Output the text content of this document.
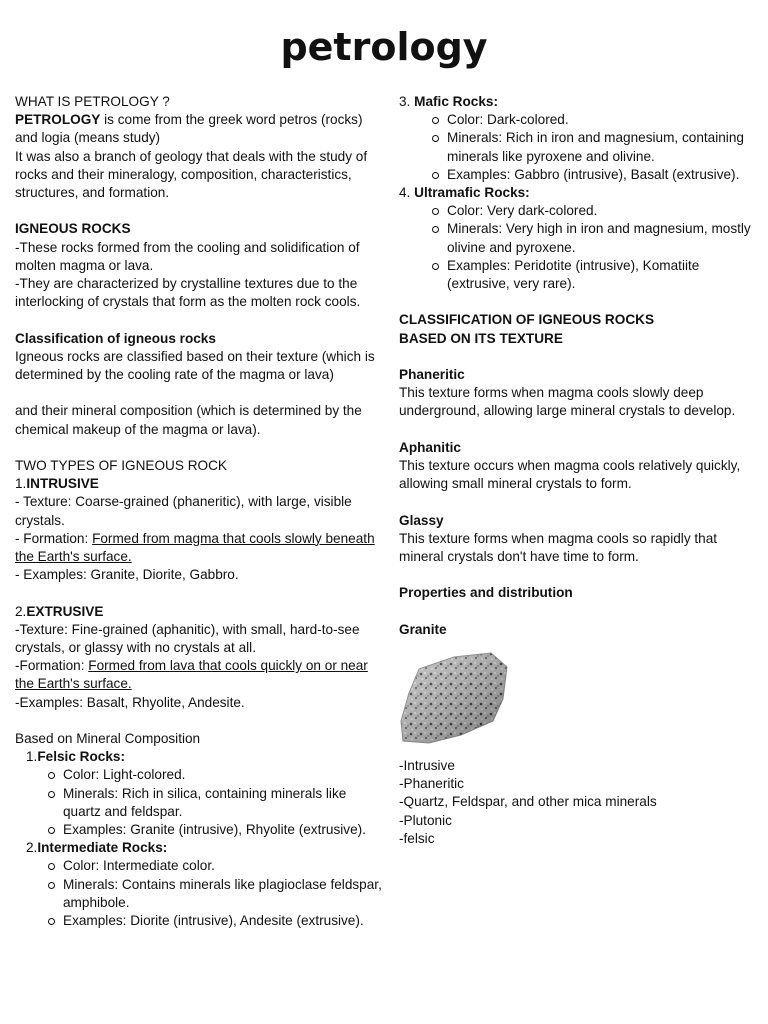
petrology

WHAT IS PETROLOGY ?

PETROLOGY is come from the greek word petros (rocks) and logia (means study)

It was also a branch of geology that deals with the study of rocks and their mineralogy, composition, characteristics, structures, and formation.

IGNEOUS ROCKS

-These rocks formed from the cooling and solidification of molten magma or lava.

-They are characterized by crystalline textures due to the interlocking of crystals that form as the molten rock cools.

Classification of igneous rocks

Igneous rocks are classified based on their texture (which is determined by the cooling rate of the magma or lava)

and their mineral composition (which is determined by the chemical makeup of the magma or lava).

TWO TYPES OF IGNEOUS ROCK

1.INTRUSIVE

- Texture: Coarse-grained (phaneritic), with large, visible crystals.

- Formation: Formed from magma that cools slowly beneath the Earth's surface.

- Examples: Granite, Diorite, Gabbro.

2.EXTRUSIVE

-Texture: Fine-grained (aphanitic), with small, hard-to-see crystals, or glassy with no crystals at all.

-Formation: Formed from lava that cools quickly on or near the Earth's surface.

-Examples: Basalt, Rhyolite, Andesite.

Based on Mineral Composition

1.Felsic Rocks:
Color: Light-colored.
Minerals: Rich in silica, containing minerals like quartz and feldspar.
Examples: Granite (intrusive), Rhyolite (extrusive).
2.Intermediate Rocks:
Color: Intermediate color.
Minerals: Contains minerals like plagioclase feldspar, amphibole.
Examples: Diorite (intrusive), Andesite (extrusive).
3. Mafic Rocks:
Color: Dark-colored.
Minerals: Rich in iron and magnesium, containing minerals like pyroxene and olivine.
Examples: Gabbro (intrusive), Basalt (extrusive).
4. Ultramafic Rocks:
Color: Very dark-colored.
Minerals: Very high in iron and magnesium, mostly olivine and pyroxene.
Examples: Peridotite (intrusive), Komatiite (extrusive, very rare).

CLASSIFICATION OF IGNEOUS ROCKS

BASED ON ITS TEXTURE

Phaneritic

This texture forms when magma cools slowly deep underground, allowing large mineral crystals to develop.

Aphanitic

This texture occurs when magma cools relatively quickly, allowing small mineral crystals to form.

Glassy

This texture forms when magma cools so rapidly that mineral crystals don't have time to form.

Properties and distribution

Granite

-Intrusive

-Phaneritic

-Quartz, Feldspar, and other mica minerals

-Plutonic

-felsic
